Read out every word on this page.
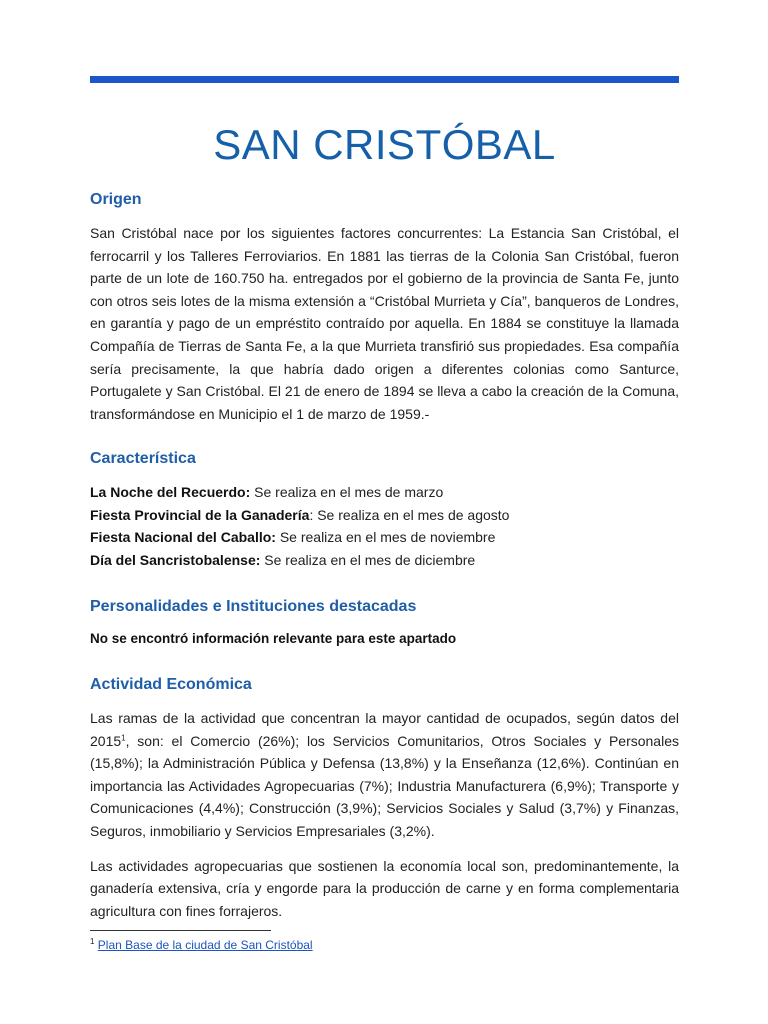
SAN CRISTÓBAL
Origen

San Cristóbal nace por los siguientes factores concurrentes: La Estancia San Cristóbal, el ferrocarril y los Talleres Ferroviarios. En 1881 las tierras de la Colonia San Cristóbal, fueron parte de un lote de 160.750 ha. entregados por el gobierno de la provincia de Santa Fe, junto con otros seis lotes de la misma extensión a “Cristóbal Murrieta y Cía”, banqueros de Londres, en garantía y pago de un empréstito contraído por aquella. En 1884 se constituye la llamada Compañía de Tierras de Santa Fe, a la que Murrieta transfirió sus propiedades. Esa compañía sería precisamente, la que habría dado origen a diferentes colonias como Santurce, Portugalete y San Cristóbal. El 21 de enero de 1894 se lleva a cabo la creación de la Comuna, transformándose en Municipio el 1 de marzo de 1959.-

Característica

La Noche del Recuerdo: Se realiza en el mes de marzo

Fiesta Provincial de la Ganadería: Se realiza en el mes de agosto

Fiesta Nacional del Caballo: Se realiza en el mes de noviembre

Día del Sancristobalense: Se realiza en el mes de diciembre

Personalidades e Instituciones destacadas

No se encontró información relevante para este apartado

Actividad Económica

Las ramas de la actividad que concentran la mayor cantidad de ocupados, según datos del 2015$^1$, son: el Comercio (26%); los Servicios Comunitarios, Otros Sociales y Personales (15,8%); la Administración Pública y Defensa (13,8%) y la Enseñanza (12,6%). Continúan en importancia las Actividades Agropecuarias (7%); Industria Manufacturera (6,9%); Transporte y Comunicaciones (4,4%); Construcción (3,9%); Servicios Sociales y Salud (3,7%) y Finanzas, Seguros, inmobiliario y Servicios Empresariales (3,2%).

Las actividades agropecuarias que sostienen la economía local son, predominantemente, la ganadería extensiva, cría y engorde para la producción de carne y en forma complementaria agricultura con fines forrajeros.

$^1$ Plan Base de la ciudad de San Cristóbal
